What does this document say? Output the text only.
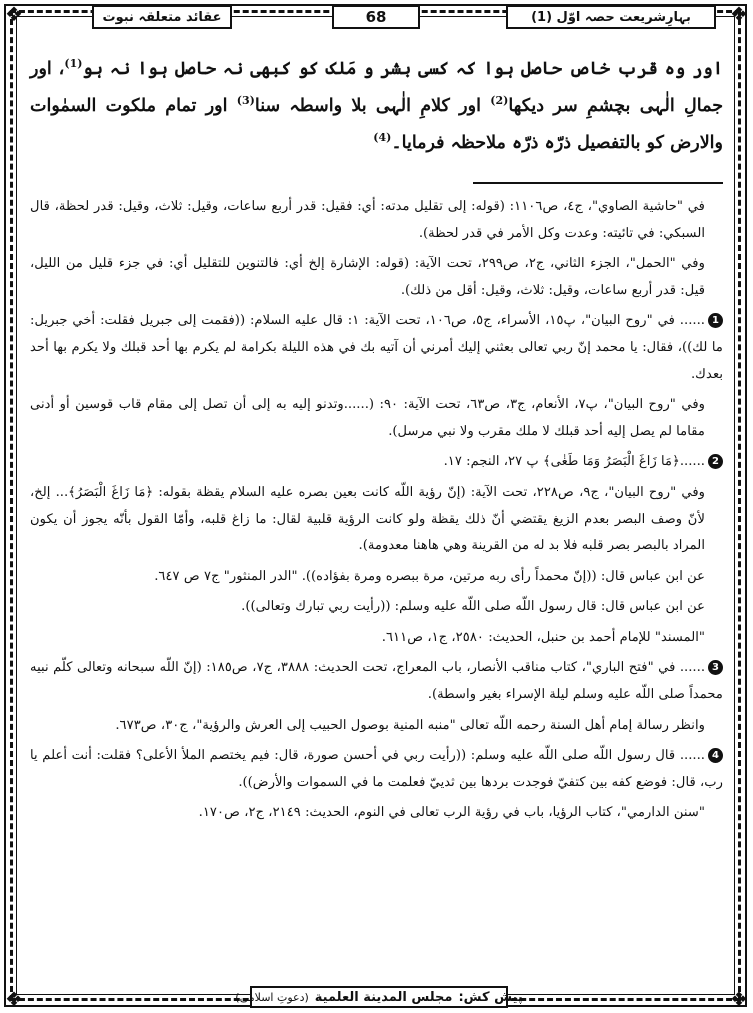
❖	❖
❖	❖
بہارِشریعت حصہ اوّل (1)
68
عقائد متعلقہ نبوت

اور وہ قرب خاص حاصل ہوا کہ کسی بشر و مَلک کو کبھی نہ حاصل ہوا نہ ہو$^{(1)}$، اور جمالِ الٰہی بچشمِ سر دیکھا$^{(2)}$ اور کلامِ الٰہی بلا واسطہ سنا$^{(3)}$ اور تمام ملکوت السمٰوات والارض کو بالتفصیل ذرّہ ذرّہ ملاحظہ فرمایا۔$^{(4)}$

في "حاشية الصاوي"، ج٤، ص١١٠٦: (قوله: إلى تقليل مدته: أي: فقيل: قدر أربع ساعات، وقيل: ثلاث، وقيل: قدر لحظة، قال السبكي: في تائيته: وعدت وكل الأمر في قدر لحظة).

وفي "الحمل"، الجزء الثاني، ج٢، ص٢٩٩، تحت الآية: (قوله: الإشارة إلخ أي: فالتنوين للتقليل أي: في جزء قليل من الليل، قيل: قدر أربع ساعات، وقيل: ثلاث، وقيل: أقل من ذلك).

1...... في "روح البيان"، پ١٥، الأسراء، ج٥، ص١٠٦، تحت الآية: ١: قال عليه السلام: ((فقمت إلى جبريل فقلت: أخي جبريل: ما لك))، فقال: يا محمد إنّ ربي تعالى بعثني إليك أمرني أن آتيه بك في هذه الليلة بكرامة لم يكرم بها أحد قبلك ولا يكرم بها أحد بعدك.

وفي "روح البيان"، پ٧، الأنعام، ج٣، ص٦٣، تحت الآية: ٩٠: (......وتدنو إليه به إلى أن تصل إلى مقام قاب قوسين أو أدنى مقاما لم يصل إليه أحد قبلك لا ملك مقرب ولا نبي مرسل).

2......﴿مَا زَاغَ الْبَصَرُ وَمَا طَغٰى﴾ پ ٢٧، النجم: ١٧.

وفي "روح البيان"، ج٩، ص٢٢٨، تحت الآية: (إنّ رؤية اللّه كانت بعين بصره عليه السلام يقظة بقوله: ﴿مَا زَاغَ الْبَصَرُ﴾... إلخ، لأنّ وصف البصر بعدم الزيغ يقتضي أنّ ذلك يقظة ولو كانت الرؤية قلبية لقال: ما زاغ قلبه، وأمّا القول بأنّه يجوز أن يكون المراد بالبصر بصر قلبه فلا بد له من القرينة وهي هاهنا معدومة).

عن ابن عباس قال: ((إنّ محمداً رأى ربه مرتين، مرة ببصره ومرة بفؤاده)). "الدر المنثور" ج٧ ص ٦٤٧.

عن ابن عباس قال: قال رسول اللّه صلى اللّه عليه وسلم: ((رأيت ربي تبارك وتعالى)).

"المسند" للإمام أحمد بن حنبل، الحديث: ٢٥٨٠، ج١، ص٦١١.

3...... في "فتح الباري"، كتاب مناقب الأنصار، باب المعراج، تحت الحديث: ٣٨٨٨، ج٧، ص١٨٥: (إنّ اللّه سبحانه وتعالى كلّم نبيه محمداً صلى اللّه عليه وسلم ليلة الإسراء بغير واسطة).

وانظر رسالة إمام أهل السنة رحمه اللّه تعالى "منبه المنية بوصول الحبيب إلى العرش والرؤية"، ج٣٠، ص٦٧٣.

4...... قال رسول اللّه صلى اللّه عليه وسلم: ((رأيت ربي في أحسن صورة، قال: فيم يختصم الملأ الأعلى؟ فقلت: أنت أعلم يا رب، قال: فوضع كفه بين كتفيّ فوجدت بردها بين ثدييّ فعلمت ما في السموات والأرض)).

"سنن الدارمي"، كتاب الرؤيا، باب في رؤية الرب تعالى في النوم، الحديث: ٢١٤٩، ج٢، ص١٧٠.

پیش کش:
مجلس المدينة العلمية
(دعوتِ اسلامی)
